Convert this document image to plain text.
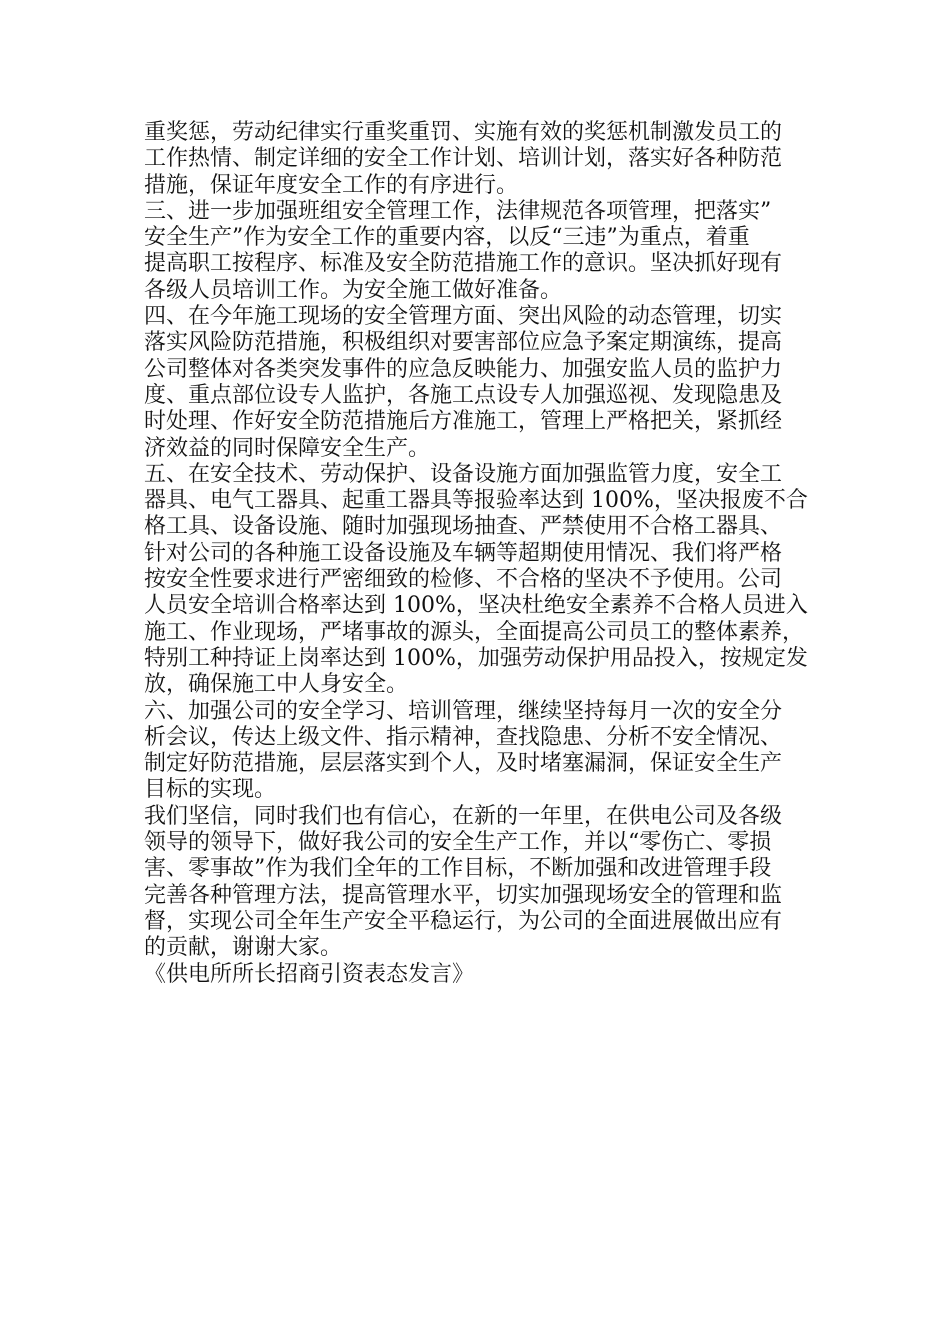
重奖惩，劳动纪律实行重奖重罚、实施有效的奖惩机制激发员工的
工作热情、制定详细的安全工作计划、培训计划，落实好各种防范
措施，保证年度安全工作的有序进行。
三、进一步加强班组安全管理工作，法律规范各项管理，把落实”
安全生产”作为安全工作的重要内容，以反“三违”为重点，着重
提高职工按程序、标准及安全防范措施工作的意识。坚决抓好现有
各级人员培训工作。为安全施工做好准备。
四、在今年施工现场的安全管理方面、突出风险的动态管理，切实
落实风险防范措施，积极组织对要害部位应急予案定期演练，提高
公司整体对各类突发事件的应急反映能力、加强安监人员的监护力
度、重点部位设专人监护，各施工点设专人加强巡视、发现隐患及
时处理、作好安全防范措施后方准施工，管理上严格把关，紧抓经
济效益的同时保障安全生产。
五、在安全技术、劳动保护、设备设施方面加强监管力度，安全工
器具、电气工器具、起重工器具等报验率达到 100%，坚决报废不合
格工具、设备设施、随时加强现场抽查、严禁使用不合格工器具、
针对公司的各种施工设备设施及车辆等超期使用情况、我们将严格
按安全性要求进行严密细致的检修、不合格的坚决不予使用。公司
人员安全培训合格率达到 100%，坚决杜绝安全素养不合格人员进入
施工、作业现场，严堵事故的源头，全面提高公司员工的整体素养，
特别工种持证上岗率达到 100%，加强劳动保护用品投入，按规定发
放，确保施工中人身安全。
六、加强公司的安全学习、培训管理，继续坚持每月一次的安全分
析会议，传达上级文件、指示精神，查找隐患、分析不安全情况、
制定好防范措施，层层落实到个人，及时堵塞漏洞，保证安全生产
目标的实现。
我们坚信，同时我们也有信心，在新的一年里，在供电公司及各级
领导的领导下，做好我公司的安全生产工作，并以“零伤亡、零损
害、零事故”作为我们全年的工作目标，不断加强和改进管理手段
完善各种管理方法，提高管理水平，切实加强现场安全的管理和监
督，实现公司全年生产安全平稳运行，为公司的全面进展做出应有
的贡献，谢谢大家。
《供电所所长招商引资表态发言》
